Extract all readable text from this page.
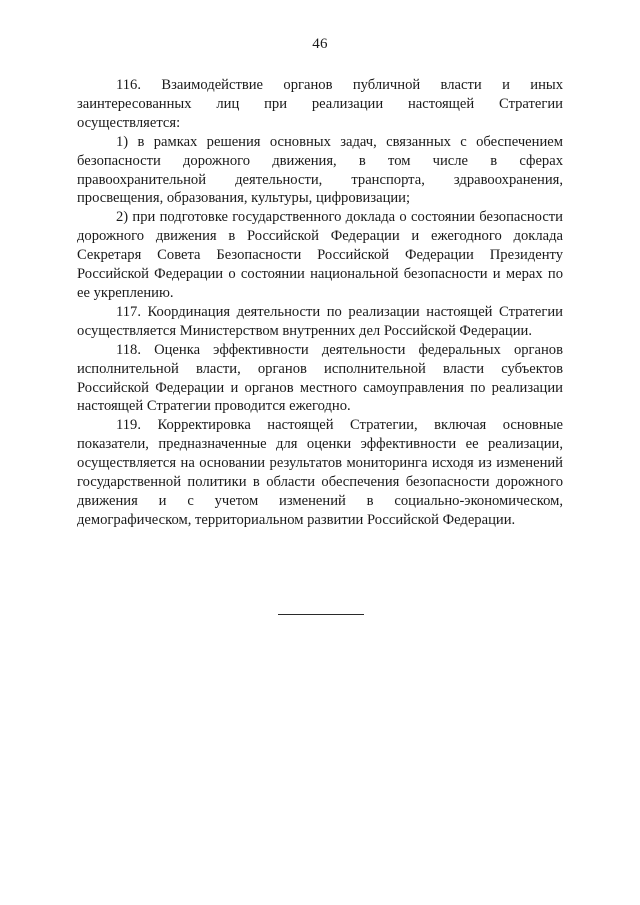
46

116. Взаимодействие органов публичной власти и иных заинтересованных лиц при реализации настоящей Стратегии осуществляется:

1) в рамках решения основных задач, связанных с обеспечением безопасности дорожного движения, в том числе в сферах правоохранительной деятельности, транспорта, здравоохранения, просвещения, образования, культуры, цифровизации;

2) при подготовке государственного доклада о состоянии безопасности дорожного движения в Российской Федерации и ежегодного доклада Секретаря Совета Безопасности Российской Федерации Президенту Российской Федерации о состоянии национальной безопасности и мерах по ее укреплению.

117. Координация деятельности по реализации настоящей Стратегии осуществляется Министерством внутренних дел Российской Федерации.

118. Оценка эффективности деятельности федеральных органов исполнительной власти, органов исполнительной власти субъектов Российской Федерации и органов местного самоуправления по реализации настоящей Стратегии проводится ежегодно.

119. Корректировка настоящей Стратегии, включая основные показатели, предназначенные для оценки эффективности ее реализации, осуществляется на основании результатов мониторинга исходя из изменений государственной политики в области обеспечения безопасности дорожного движения и с учетом изменений в социально-экономическом, демографическом, территориальном развитии Российской Федерации.
